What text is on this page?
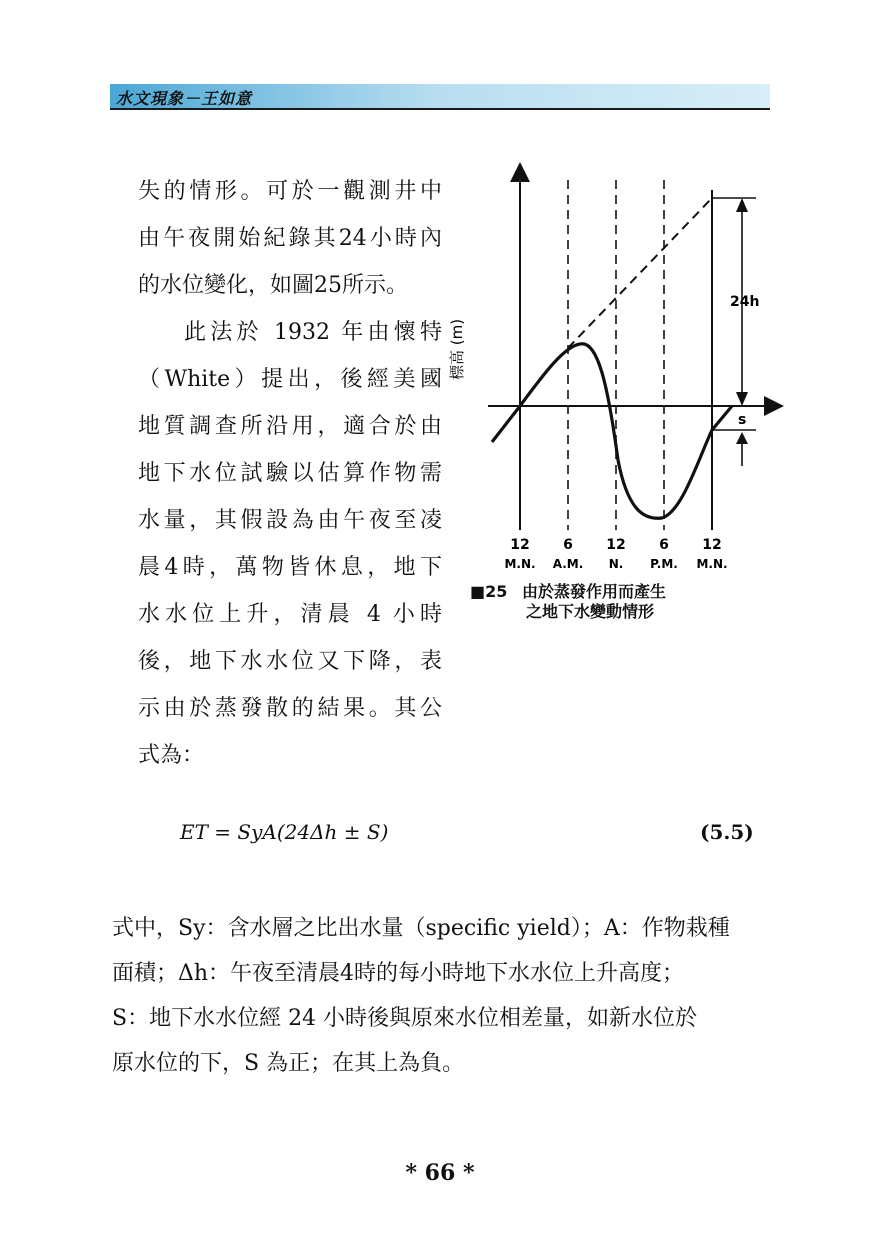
水文現象－王如意

失的情形。可於一觀測井中

由午夜開始紀錄其24小時內

的水位變化，如圖25所示。

此法於 1932 年由懷特

（White）提出，後經美國

地質調查所沿用，適合於由

地下水位試驗以估算作物需

水量，其假設為由午夜至凌

晨4時，萬物皆休息，地下

水水位上升，清晨 4 小時

後，地下水水位又下降，表

示由於蒸發散的結果。其公

式為：

24h
s
標高 (m)
12
M.N.
6
A.M.
12
N.
6
P.M.
12
M.N.
■25 由於蒸發作用而產生
之地下水變動情形
ET = SyA(24Δh ± S)	(5.5)

式中，Sy：含水層之比出水量（specific yield）；A：作物栽種

面積；Δh：午夜至清晨4時的每小時地下水水位上升高度；

S：地下水水位經 24 小時後與原來水位相差量，如新水位於

原水位的下，S 為正；在其上為負。

* 66 *
